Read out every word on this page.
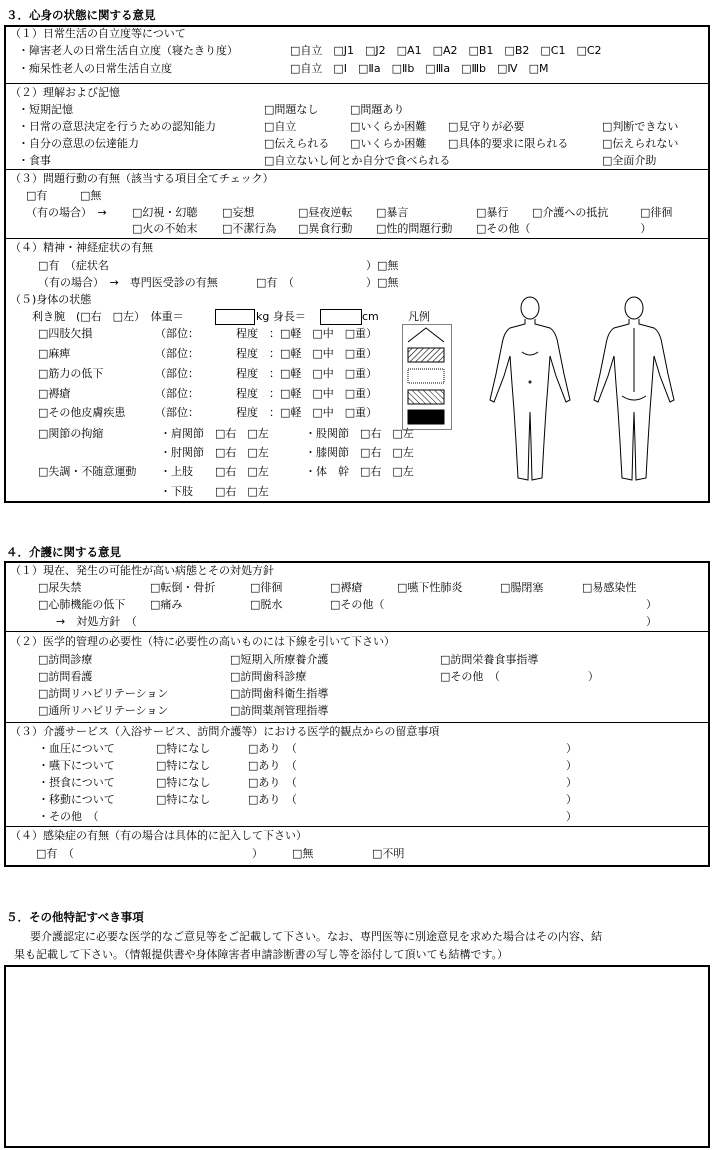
３．心身の状態に関する意見
（１）日常生活の自立度等について
・障害老人の日常生活自立度（寝たきり度）	□自立　□J1　□J2　□A1　□A2　□B1　□B2　□C1　□C2
・痴呆性老人の日常生活自立度	□自立　□Ⅰ　□Ⅱa　□Ⅱb　□Ⅲa　□Ⅲb　□Ⅳ　□M
（２）理解および記憶
・短期記憶	□問題なし	□問題あり
・日常の意思決定を行うための認知能力	□自立	□いくらか困難 □見守りが必要	□判断できない
・自分の意思の伝達能力	□伝えられる □いくらか困難 □具体的要求に限られる	□伝えられない
・食事	□自立ないし何とか自分で食べられる	□全面介助
（３）問題行動の有無（該当する項目全てチェック）
□有	□無
（有の場合）　→ □幻視・幻聴 □妄想	□昼夜逆転 □暴言	□暴行 □介護への抵抗	□徘徊
□火の不始末 □不潔行為 □異食行動 □性的問題行動 □その他（　　　　　　　　　　）
（４）精神・神経症状の有無
□有　（症状名	）□無
（有の場合）　→　専門医受診の有無	□有　（	）□無
（５)身体の状態
利き腕　(□右　□左）　体重＝	kg 身長＝	cm	凡例
□四肢欠損	（部位：	程度　：□軽　□中　□重）
□麻痺	（部位：	程度　：□軽　□中　□重）
□筋力の低下	（部位：	程度　：□軽　□中　□重）
□褥瘡	（部位：	程度　：□軽　□中　□重）
□その他皮膚疾患	（部位：	程度　：□軽　□中　□重）
□関節の拘縮	・肩関節　□右　□左	・股関節　□右　□左
・肘関節　□右　□左	・膝関節　□右　□左
□失調・不随意運動 ・上肢　　□右　□左	・体　幹　□右　□左
・下肢　　□右　□左
４．介護に関する意見
（１）現在、発生の可能性が高い病態とその対処方針
□尿失禁	□転倒・骨折	□徘徊	□褥瘡	□嚥下性肺炎	□腸閉塞	□易感染性
□心肺機能の低下 □痛み	□脱水	□その他（	）
→　対処方針　（	）
（２）医学的管理の必要性（特に必要性の高いものには下線を引いて下さい）
□訪問診療	□短期入所療養介護	□訪問栄養食事指導
□訪問看護	□訪問歯科診療	□その他　（　　　　　　　　）
□訪問リハビリテーション	□訪問歯科衛生指導
□通所リハビリテーション	□訪問薬剤管理指導
（３）介護サービス（入浴サービス、訪問介護等）における医学的観点からの留意事項
・血圧について	□特になし	□あり　（	）
・嚥下について	□特になし	□あり　（	）
・摂食について	□特になし	□あり　（	）
・移動について	□特になし	□あり　（	）
・その他　（	）
（４）感染症の有無（有の場合は具体的に記入して下さい）
□有　（	）	□無	□不明
５．その他特記すべき事項
要介護認定に必要な医学的なご意見等をご記載して下さい。なお、専門医等に別途意見を求めた場合はその内容、結
果も記載して下さい。（情報提供書や身体障害者申請診断書の写し等を添付して頂いても結構です。）
